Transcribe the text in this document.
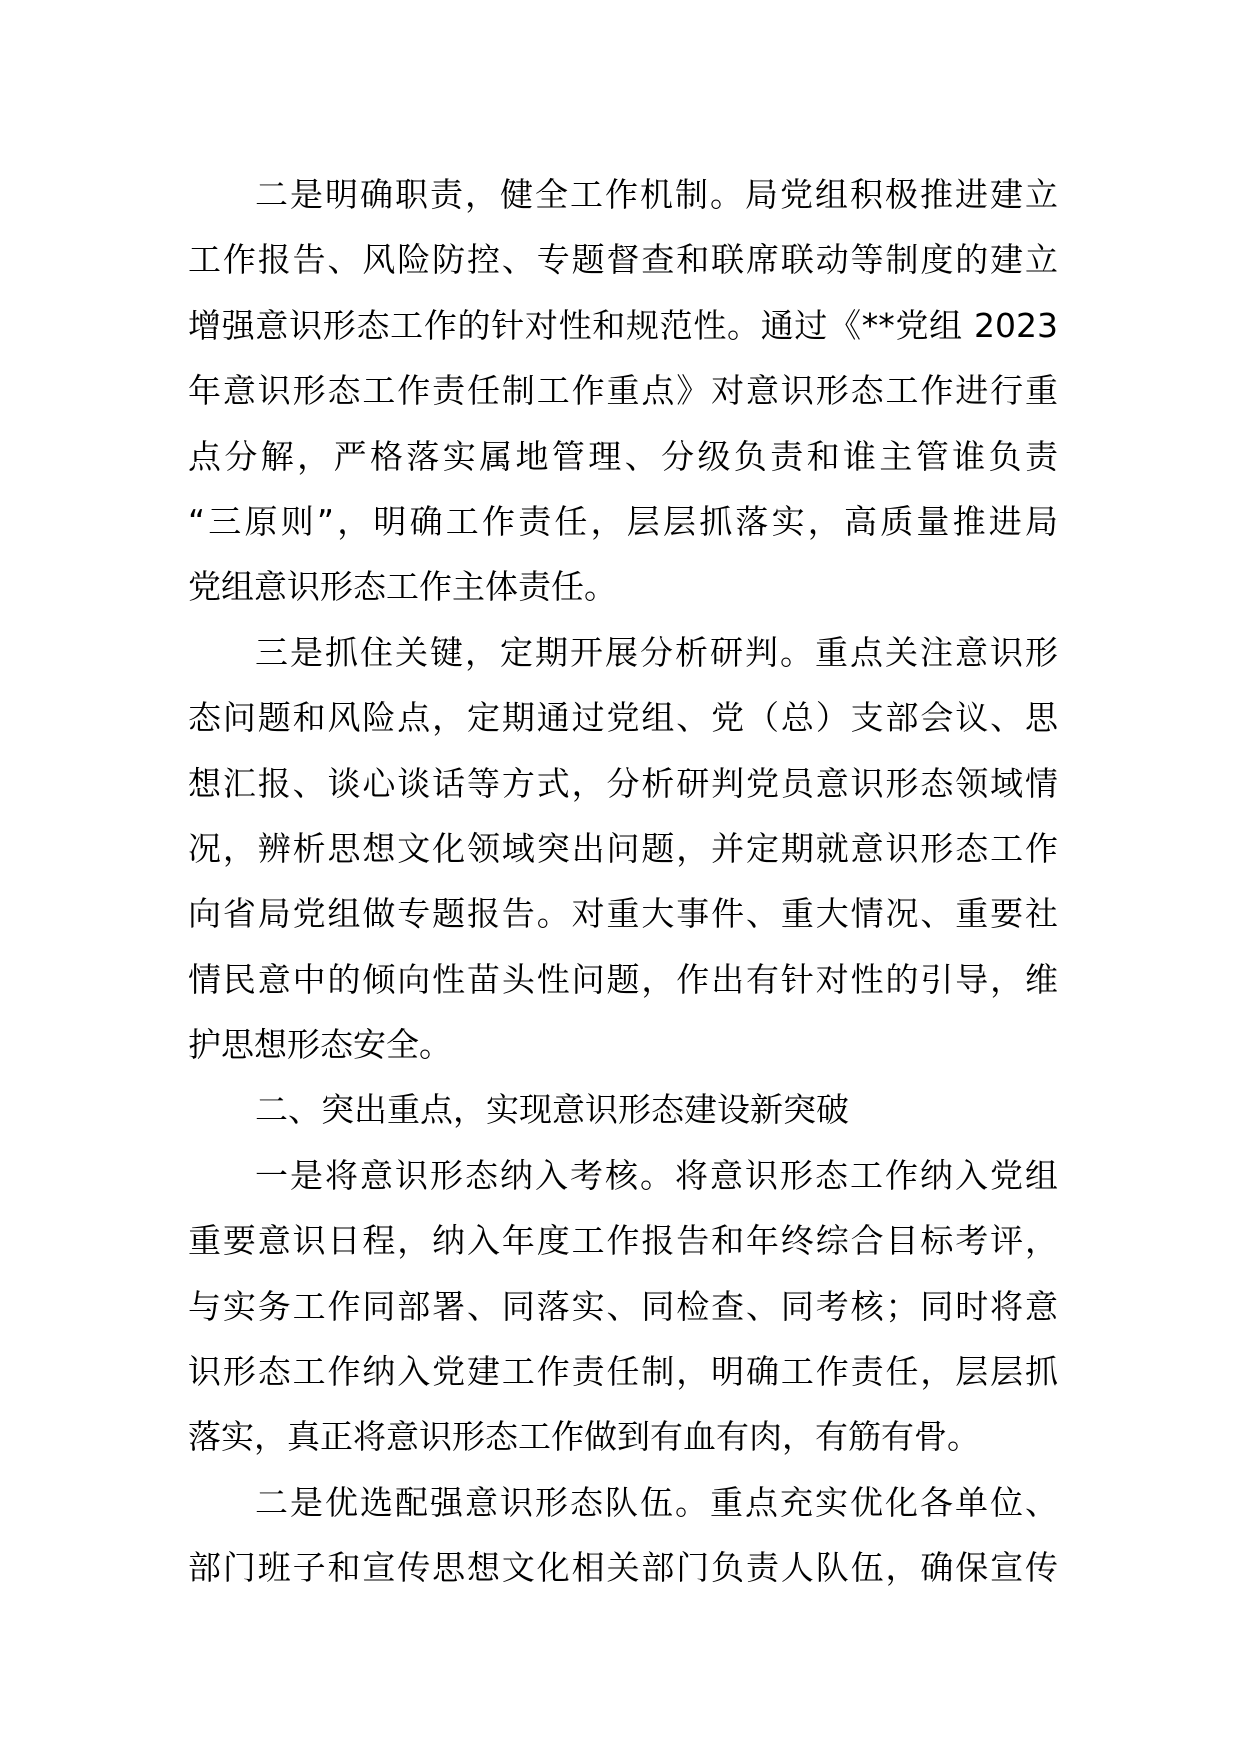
二是明确职责，健全工作机制。局党组积极推进建立
工作报告、风险防控、专题督查和联席联动等制度的建立
增强意识形态工作的针对性和规范性。通过《**党组 2023
年意识形态工作责任制工作重点》对意识形态工作进行重
点分解，严格落实属地管理、分级负责和谁主管谁负责
“三原则”，明确工作责任，层层抓落实，高质量推进局
党组意识形态工作主体责任。
三是抓住关键，定期开展分析研判。重点关注意识形
态问题和风险点，定期通过党组、党（总）支部会议、思
想汇报、谈心谈话等方式，分析研判党员意识形态领域情
况，辨析思想文化领域突出问题，并定期就意识形态工作
向省局党组做专题报告。对重大事件、重大情况、重要社
情民意中的倾向性苗头性问题，作出有针对性的引导，维
护思想形态安全。
二、突出重点，实现意识形态建设新突破
一是将意识形态纳入考核。将意识形态工作纳入党组
重要意识日程，纳入年度工作报告和年终综合目标考评，
与实务工作同部署、同落实、同检查、同考核；同时将意
识形态工作纳入党建工作责任制，明确工作责任，层层抓
落实，真正将意识形态工作做到有血有肉，有筋有骨。
二是优选配强意识形态队伍。重点充实优化各单位、
部门班子和宣传思想文化相关部门负责人队伍，确保宣传
